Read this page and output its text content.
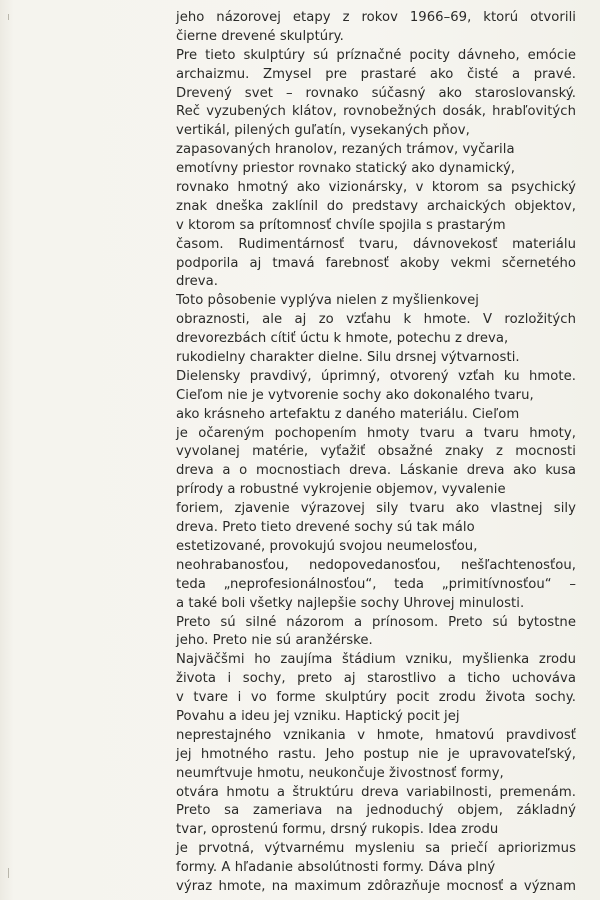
jeho názorovej etapy z rokov 1966–69, ktorú otvorili
čierne drevené skulptúry.
Pre tieto skulptúry sú príznačné pocity dávneho, emócie
archaizmu. Zmysel pre prastaré ako čisté a pravé.
Drevený svet – rovnako súčasný ako staroslovanský.
Reč vyzubených klátov, rovnobežných dosák, hrabľovitých
vertikál, pilených guľatín, vysekaných pňov,
zapasovaných hranolov, rezaných trámov, vyčarila
emotívny priestor rovnako statický ako dynamický,
rovnako hmotný ako vizionársky, v ktorom sa psychický
znak dneška zaklínil do predstavy archaických objektov,
v ktorom sa prítomnosť chvíle spojila s prastarým
časom. Rudimentárnosť tvaru, dávnovekosť materiálu
podporila aj tmavá farebnosť akoby vekmi sčernetého
dreva.
Toto pôsobenie vyplýva nielen z myšlienkovej
obraznosti, ale aj zo vzťahu k hmote. V rozložitých
drevorezbách cítiť úctu k hmote, potechu z dreva,
rukodielny charakter dielne. Silu drsnej výtvarnosti.
Dielensky pravdivý, úprimný, otvorený vzťah ku hmote.
Cieľom nie je vytvorenie sochy ako dokonalého tvaru,
ako krásneho artefaktu z daného materiálu. Cieľom
je očareným pochopením hmoty tvaru a tvaru hmoty,
vyvolanej matérie, vyťažiť obsažné znaky z mocnosti
dreva a o mocnostiach dreva. Láskanie dreva ako kusa
prírody a robustné vykrojenie objemov, vyvalenie
foriem, zjavenie výrazovej sily tvaru ako vlastnej sily
dreva. Preto tieto drevené sochy sú tak málo
estetizované, provokujú svojou neumelosťou,
neohrabanosťou, nedopovedanosťou, nešľachtenosťou,
teda „neprofesionálnosťou“, teda „primitívnosťou“ –
a také boli všetky najlepšie sochy Uhrovej minulosti.
Preto sú silné názorom a prínosom. Preto sú bytostne
jeho. Preto nie sú aranžérske.
Najväčšmi ho zaujíma štádium vzniku, myšlienka zrodu
života i sochy, preto aj starostlivo a ticho uchováva
v tvare i vo forme skulptúry pocit zrodu života sochy.
Povahu a ideu jej vzniku. Haptický pocit jej
neprestajného vznikania v hmote, hmatovú pravdivosť
jej hmotného rastu. Jeho postup nie je upravovateľský,
neumŕtvuje hmotu, neukončuje živostnosť formy,
otvára hmotu a štruktúru dreva variabilnosti, premenám.
Preto sa zameriava na jednoduchý objem, základný
tvar, oprostenú formu, drsný rukopis. Idea zrodu
je prvotná, výtvarnému mysleniu sa priečí apriorizmus
formy. A hľadanie absolútnosti formy. Dáva plný
výraz hmote, na maximum zdôrazňuje mocnosť a význam
